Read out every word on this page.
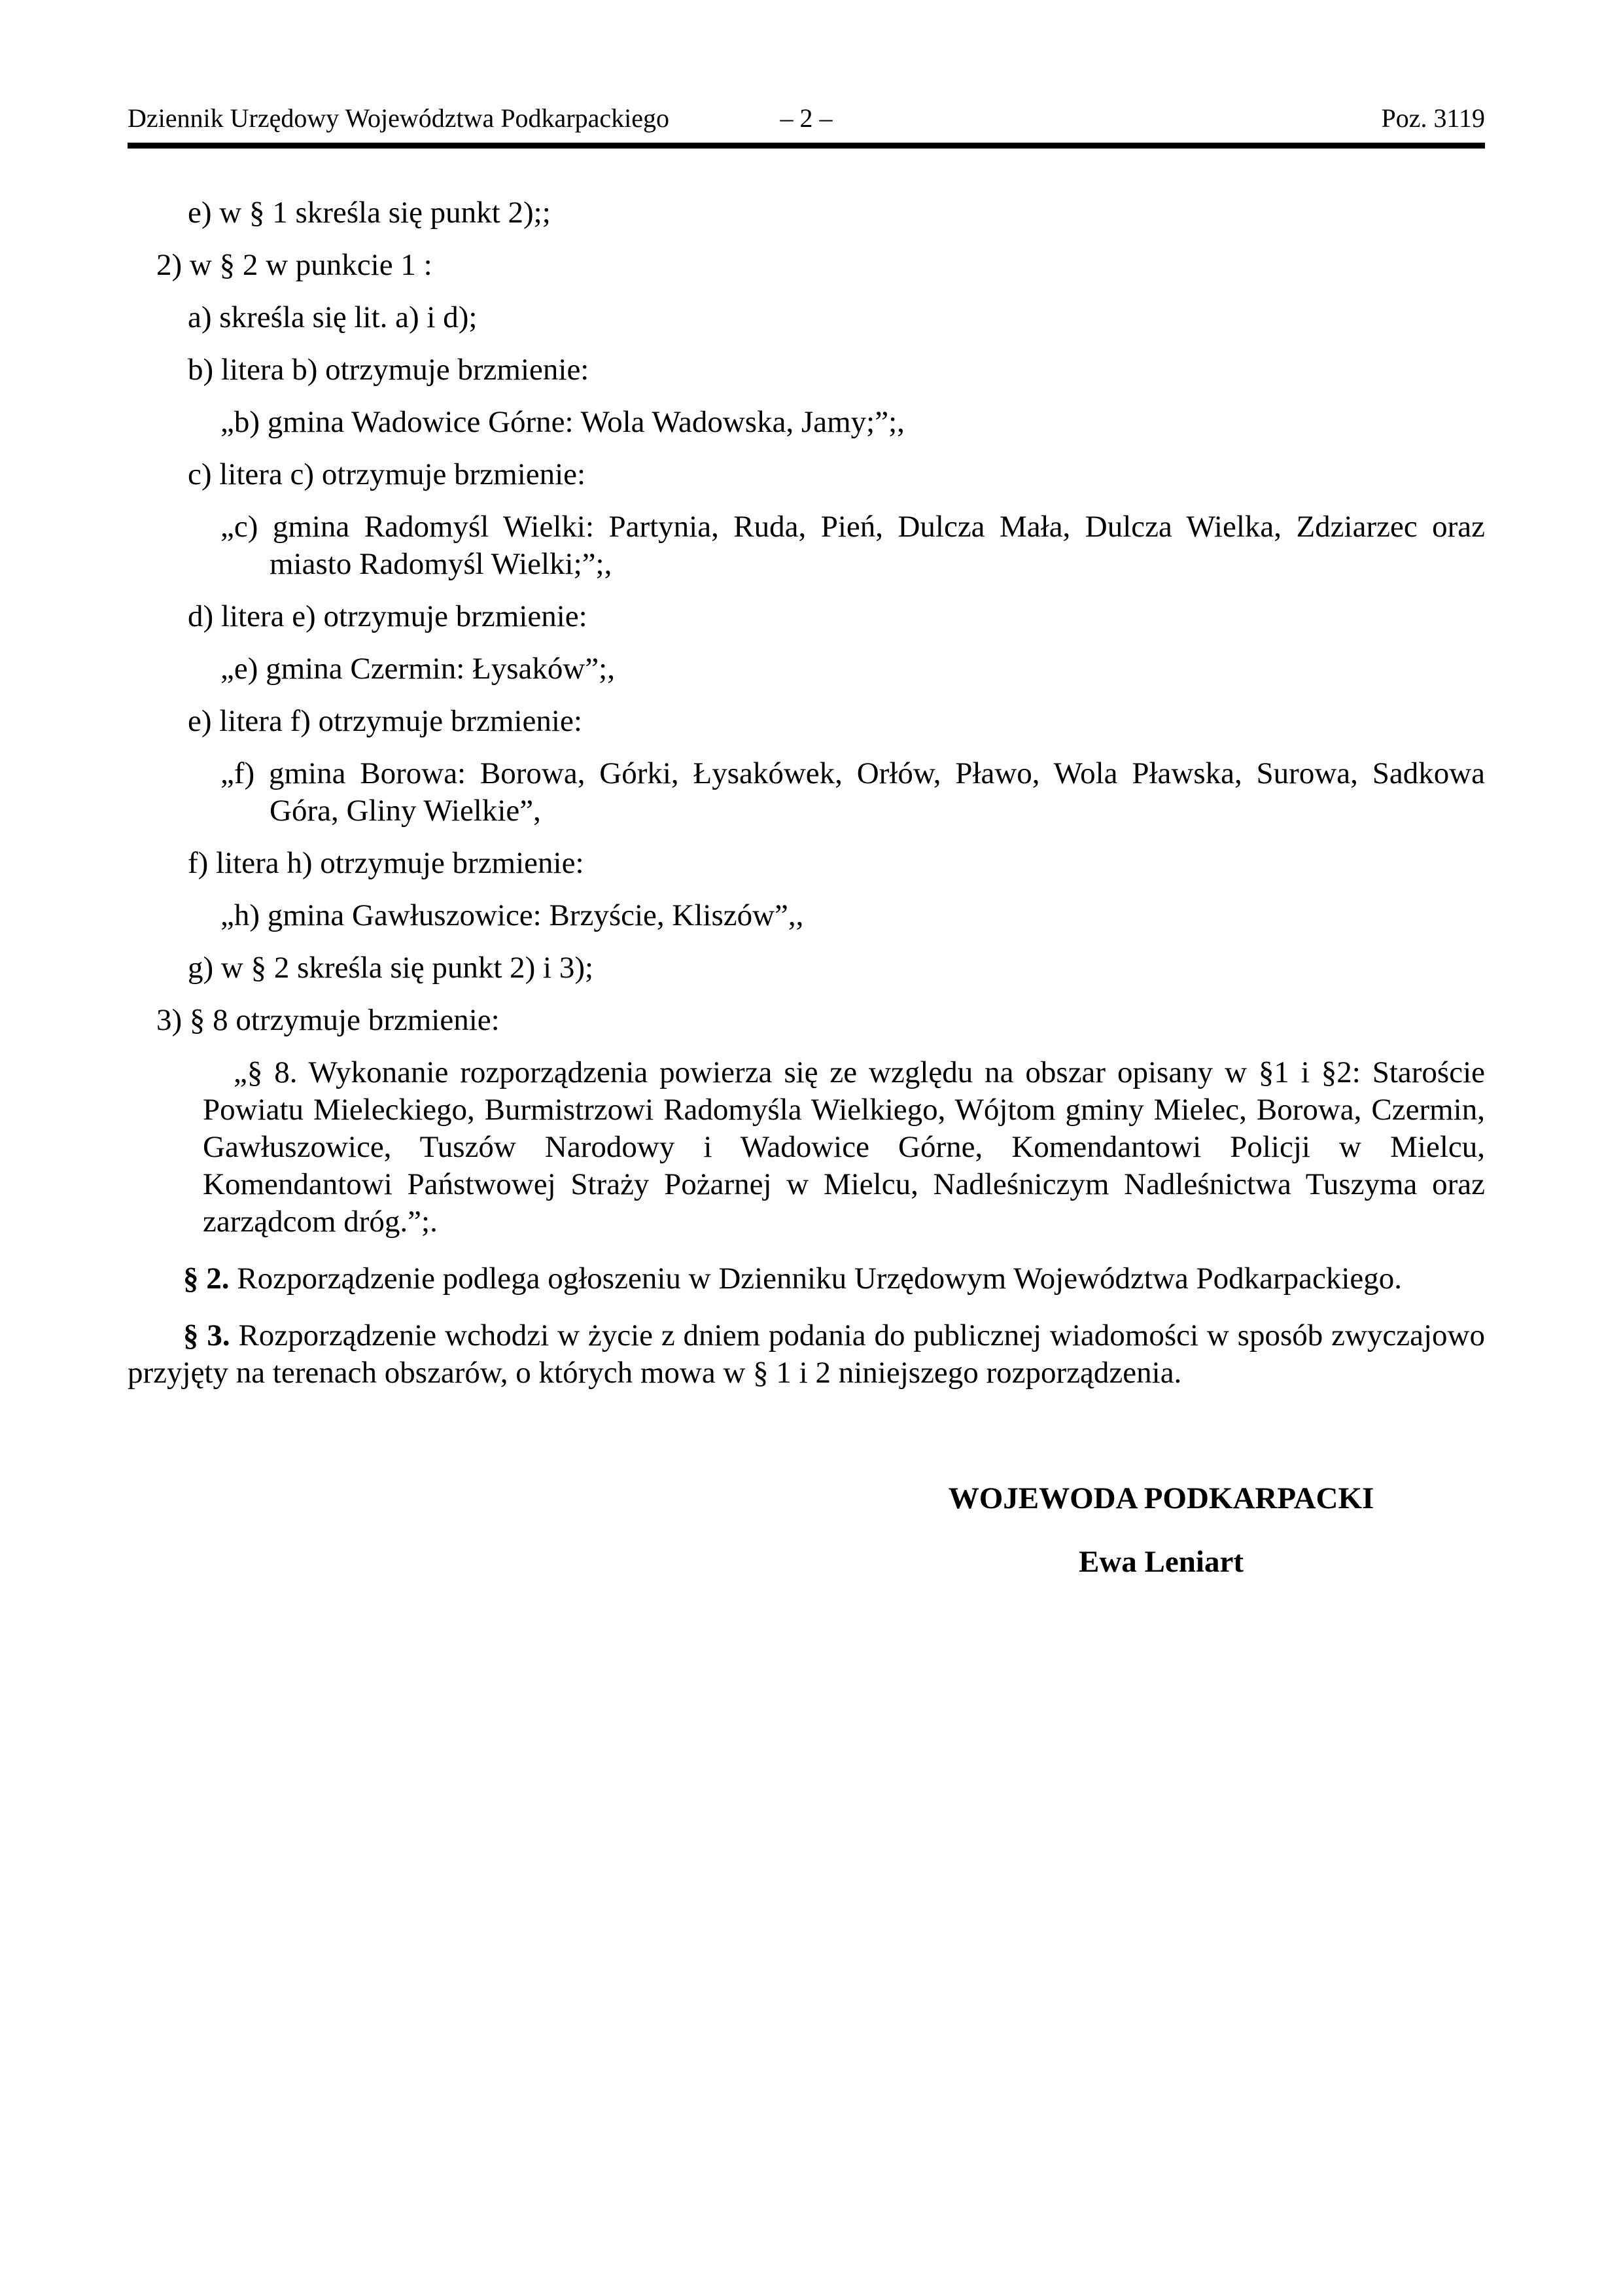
Dziennik Urzędowy Województwa Podkarpackiego	– 2 –	Poz. 3119
e) w § 1 skreśla się punkt 2);;
2) w § 2 w punkcie 1 :
a) skreśla się lit. a) i d);
b) litera b) otrzymuje brzmienie:
„b) gmina Wadowice Górne: Wola Wadowska, Jamy;”;,
c) litera c) otrzymuje brzmienie:
„c) gmina Radomyśl Wielki: Partynia, Ruda, Pień, Dulcza Mała, Dulcza Wielka, Zdziarzec oraz miasto Radomyśl Wielki;”;,
d) litera e) otrzymuje brzmienie:
„e) gmina Czermin: Łysaków”;,
e) litera f) otrzymuje brzmienie:
„f) gmina Borowa: Borowa, Górki, Łysakówek, Orłów, Pławo, Wola Pławska, Surowa, Sadkowa Góra, Gliny Wielkie”,
f) litera h) otrzymuje brzmienie:
„h) gmina Gawłuszowice: Brzyście, Kliszów”,,
g) w § 2 skreśla się punkt 2) i 3);
3) § 8 otrzymuje brzmienie:
„§ 8. Wykonanie rozporządzenia powierza się ze względu na obszar opisany w §1 i §2: Staroście Powiatu Mieleckiego, Burmistrzowi Radomyśla Wielkiego, Wójtom gminy Mielec, Borowa, Czermin, Gawłuszowice, Tuszów Narodowy i Wadowice Górne, Komendantowi Policji w Mielcu, Komendantowi Państwowej Straży Pożarnej w Mielcu, Nadleśniczym Nadleśnictwa Tuszyma oraz zarządcom dróg.”;.
§ 2. Rozporządzenie podlega ogłoszeniu w Dzienniku Urzędowym Województwa Podkarpackiego.
§ 3. Rozporządzenie wchodzi w życie z dniem podania do publicznej wiadomości w sposób zwyczajowo przyjęty na terenach obszarów, o których mowa w § 1 i 2 niniejszego rozporządzenia.
WOJEWODA PODKARPACKI
Ewa Leniart
